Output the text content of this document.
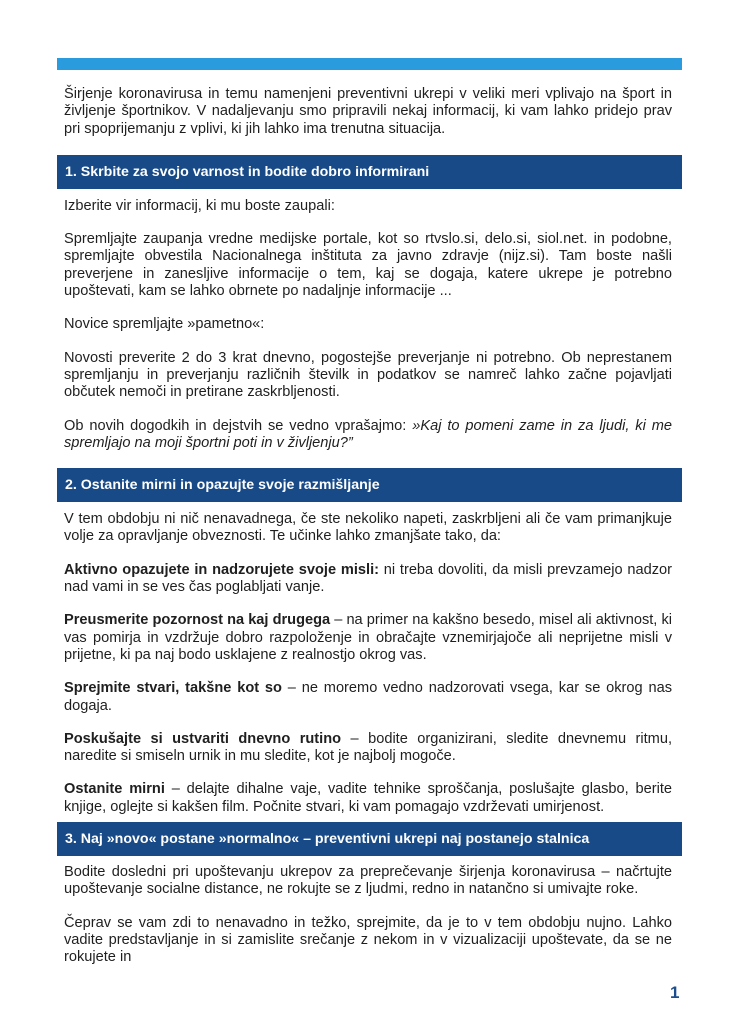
Širjenje koronavirusa in temu namenjeni preventivni ukrepi v veliki meri vplivajo na šport in življenje športnikov. V nadaljevanju smo pripravili nekaj informacij, ki vam lahko pridejo prav pri spoprijemanju z vplivi, ki jih lahko ima trenutna situacija.

1. Skrbite za svojo varnost in bodite dobro informirani

Izberite vir informacij, ki mu boste zaupali:

Spremljajte zaupanja vredne medijske portale, kot so rtvslo.si, delo.si, siol.net. in podobne, spremljajte obvestila Nacionalnega inštituta za javno zdravje (nijz.si). Tam boste našli preverjene in zanesljive informacije o tem, kaj se dogaja, katere ukrepe je potrebno upoštevati, kam se lahko obrnete po nadaljnje informacije ...

Novice spremljajte »pametno«:

Novosti preverite 2 do 3 krat dnevno, pogostejše preverjanje ni potrebno. Ob neprestanem spremljanju in preverjanju različnih številk in podatkov se namreč lahko začne pojavljati občutek nemoči in pretirane zaskrbljenosti.

Ob novih dogodkih in dejstvih se vedno vprašajmo: »Kaj to pomeni zame in za ljudi, ki me spremljajo na moji športni poti in v življenju?”

2. Ostanite mirni in opazujte svoje razmišljanje

V tem obdobju ni nič nenavadnega, če ste nekoliko napeti, zaskrbljeni ali če vam primanjkuje volje za opravljanje obveznosti. Te učinke lahko zmanjšate tako, da:

Aktivno opazujete in nadzorujete svoje misli: ni treba dovoliti, da misli prevzamejo nadzor nad vami in se ves čas poglabljati vanje.

Preusmerite pozornost na kaj drugega – na primer na kakšno besedo, misel ali aktivnost, ki vas pomirja in vzdržuje dobro razpoloženje in obračajte vznemirjajoče ali neprijetne misli v prijetne, ki pa naj bodo usklajene z realnostjo okrog vas.

Sprejmite stvari, takšne kot so – ne moremo vedno nadzorovati vsega, kar se okrog nas dogaja.

Poskušajte si ustvariti dnevno rutino – bodite organizirani, sledite dnevnemu ritmu, naredite si smiseln urnik in mu sledite, kot je najbolj mogoče.

Ostanite mirni – delajte dihalne vaje, vadite tehnike sproščanja, poslušajte glasbo, berite knjige, oglejte si kakšen film. Počnite stvari, ki vam pomagajo vzdrževati umirjenost.

3. Naj »novo« postane »normalno« – preventivni ukrepi naj postanejo stalnica

Bodite dosledni pri upoštevanju ukrepov za preprečevanje širjenja koronavirusa – načrtujte upoštevanje socialne distance, ne rokujte se z ljudmi, redno in natančno si umivajte roke.

Čeprav se vam zdi to nenavadno in težko, sprejmite, da je to v tem obdobju nujno. Lahko vadite predstavljanje in si zamislite srečanje z nekom in v vizualizaciji upoštevate, da se ne rokujete in

1
